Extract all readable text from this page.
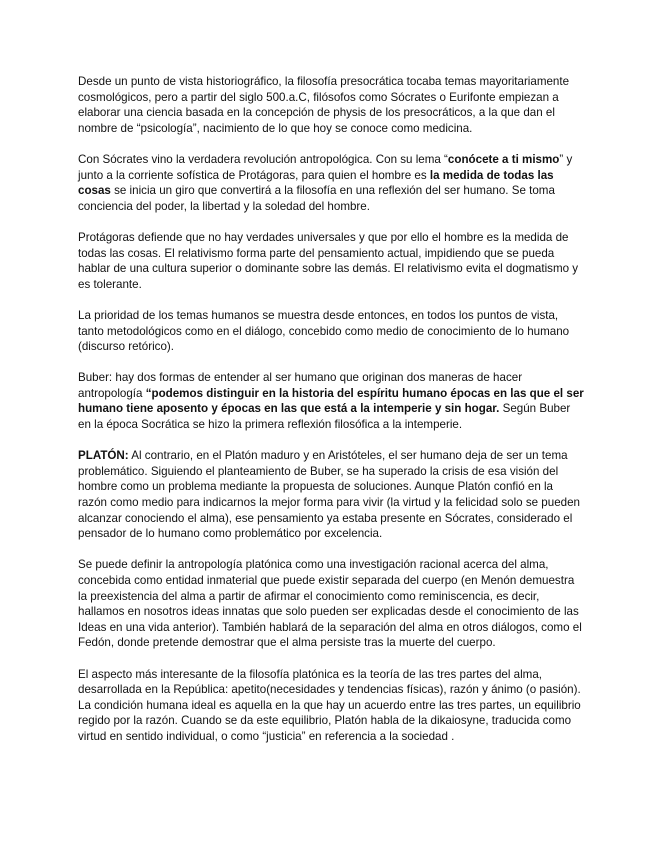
Desde un punto de vista historiográfico, la filosofía presocrática tocaba temas mayoritariamente cosmológicos, pero a partir del siglo 500.a.C, filósofos como Sócrates o Eurifonte empiezan a elaborar una ciencia basada en la concepción de physis de los presocráticos, a la que dan el nombre de “psicología”, nacimiento de lo que hoy se conoce como medicina.

Con Sócrates vino la verdadera revolución antropológica. Con su lema “conócete a ti mismo” y junto a la corriente sofística de Protágoras, para quien el hombre es la medida de todas las cosas se inicia un giro que convertirá a la filosofía en una reflexión del ser humano. Se toma conciencia del poder, la libertad y la soledad del hombre.

Protágoras defiende que no hay verdades universales y que por ello el hombre es la medida de todas las cosas. El relativismo forma parte del pensamiento actual, impidiendo que se pueda hablar de una cultura superior o dominante sobre las demás. El relativismo evita el dogmatismo y es tolerante.

La prioridad de los temas humanos se muestra desde entonces, en todos los puntos de vista, tanto metodológicos como en el diálogo, concebido como medio de conocimiento de lo humano (discurso retórico).

Buber: hay dos formas de entender al ser humano que originan dos maneras de hacer antropología “podemos distinguir en la historia del espíritu humano épocas en las que el ser humano tiene aposento y épocas en las que está a la intemperie y sin hogar. Según Buber en la época Socrática se hizo la primera reflexión filosófica a la intemperie.

PLATÓN: Al contrario, en el Platón maduro y en Aristóteles, el ser humano deja de ser un tema problemático. Siguiendo el planteamiento de Buber, se ha superado la crisis de esa visión del hombre como un problema mediante la propuesta de soluciones. Aunque Platón confió en la razón como medio para indicarnos la mejor forma para vivir (la virtud y la felicidad solo se pueden alcanzar conociendo el alma), ese pensamiento ya estaba presente en Sócrates, considerado el pensador de lo humano como problemático por excelencia.

Se puede definir la antropología platónica como una investigación racional acerca del alma, concebida como entidad inmaterial que puede existir separada del cuerpo (en Menón demuestra la preexistencia del alma a partir de afirmar el conocimiento como reminiscencia, es decir, hallamos en nosotros ideas innatas que solo pueden ser explicadas desde el conocimiento de las Ideas en una vida anterior). También hablará de la separación del alma en otros diálogos, como el Fedón, donde pretende demostrar que el alma persiste tras la muerte del cuerpo.

El aspecto más interesante de la filosofía platónica es la teoría de las tres partes del alma, desarrollada en la República: apetito(necesidades y tendencias físicas), razón y ánimo (o pasión). La condición humana ideal es aquella en la que hay un acuerdo entre las tres partes, un equilibrio regido por la razón. Cuando se da este equilibrio, Platón habla de la dikaiosyne, traducida como virtud en sentido individual, o como “justicia” en referencia a la sociedad .
